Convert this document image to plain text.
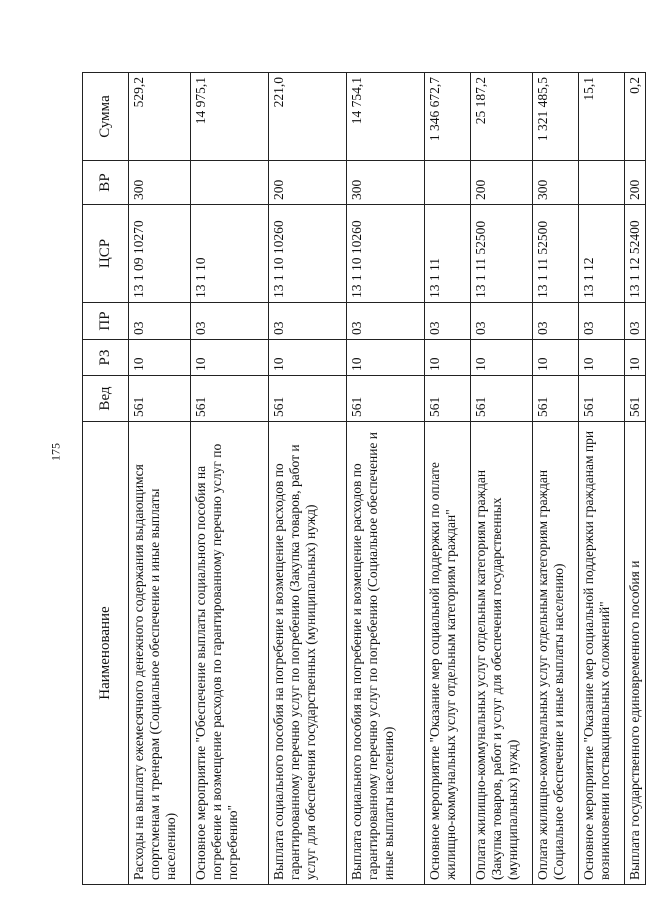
175
Наименование	Вед	РЗ	ПР	ЦСР	ВР	Сумма
Расходы на выплату ежемесячного денежного содержания выдающимся спортсменам и тренерам (Социальное обеспечение и иные выплаты населению)	561	10	03	13 1 09 10270	300	529,2
Основное мероприятие "Обеспечение выплаты социального пособия на погребение и возмещение расходов по гарантированному перечню услуг по погребению"	561	10	03	13 1 10		14 975,1
Выплата социального пособия на погребение и возмещение расходов по гарантированному перечню услуг по погребению (Закупка товаров, работ и услуг для обеспечения государственных (муниципальных) нужд)	561	10	03	13 1 10 10260	200	221,0
Выплата социального пособия на погребение и возмещение расходов по гарантированному перечню услуг по погребению (Социальное обеспечение и иные выплаты населению)	561	10	03	13 1 10 10260	300	14 754,1
Основное мероприятие "Оказание мер социальной поддержки по оплате жилищно-коммунальных услуг отдельным категориям граждан"	561	10	03	13 1 11		1 346 672,7
Оплата жилищно-коммунальных услуг отдельным категориям граждан (Закупка товаров, работ и услуг для обеспечения государственных (муниципальных) нужд)	561	10	03	13 1 11 52500	200	25 187,2
Оплата жилищно-коммунальных услуг отдельным категориям граждан (Социальное обеспечение и иные выплаты населению)	561	10	03	13 1 11 52500	300	1 321 485,5
Основное мероприятие "Оказание мер социальной поддержки гражданам при возникновении поствакцинальных осложнений"	561	10	03	13 1 12		15,1
Выплата государственного единовременного пособия и	561	10	03	13 1 12 52400	200	0,2
